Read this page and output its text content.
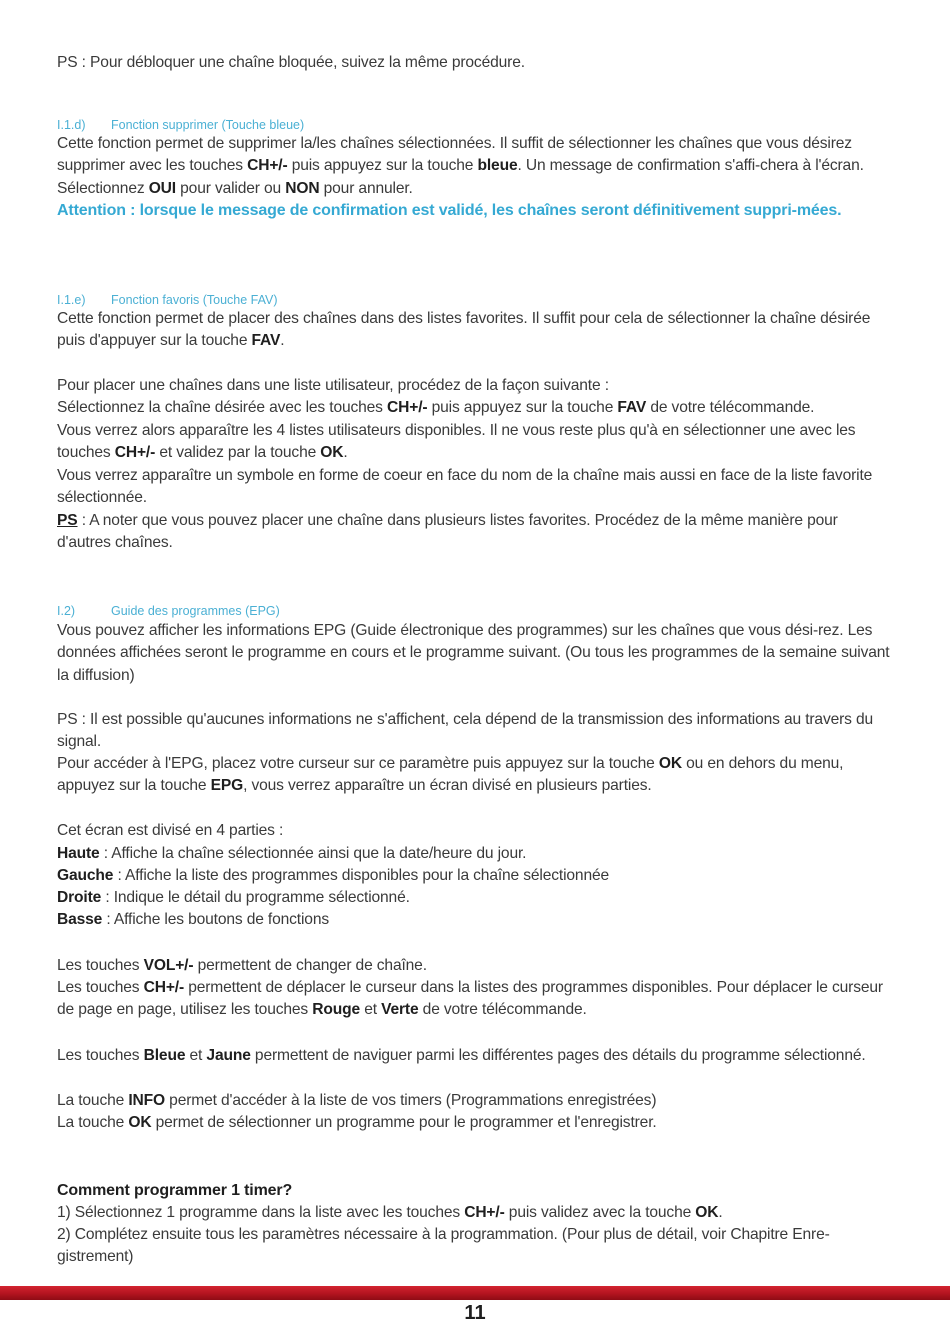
PS : Pour débloquer une chaîne bloquée, suivez la même procédure.

I.1.d) Fonction supprimer (Touche bleue)

Cette fonction permet de supprimer la/les chaînes sélectionnées. Il suffit de sélectionner les chaînes que vous désirez supprimer avec les touches CH+/- puis appuyez sur la touche bleue. Un message de confirmation s'affi-chera à l'écran. Sélectionnez OUI pour valider ou NON pour annuler.

Attention : lorsque le message de confirmation est validé, les chaînes seront définitivement suppri-mées.

I.1.e) Fonction favoris (Touche FAV)

Cette fonction permet de placer des chaînes dans des listes favorites. Il suffit pour cela de sélectionner la chaîne désirée puis d'appuyer sur la touche FAV.

Pour placer une chaînes dans une liste utilisateur, procédez de la façon suivante :

Sélectionnez la chaîne désirée avec les touches CH+/- puis appuyez sur la touche FAV de votre télécommande.

Vous verrez alors apparaître les 4 listes utilisateurs disponibles. Il ne vous reste plus qu'à en sélectionner une avec les touches CH+/- et validez par la touche OK.

Vous verrez apparaître un symbole en forme de coeur en face du nom de la chaîne mais aussi en face de la liste favorite sélectionnée.

PS : A noter que vous pouvez placer une chaîne dans plusieurs listes favorites. Procédez de la même manière pour d'autres chaînes.

I.2)	Guide des programmes (EPG)

Vous pouvez afficher les informations EPG (Guide électronique des programmes) sur les chaînes que vous dési-rez. Les données affichées seront le programme en cours et le programme suivant. (Ou tous les programmes de la semaine suivant la diffusion)

PS : Il est possible qu'aucunes informations ne s'affichent, cela dépend de la transmission des informations au travers du signal.

Pour accéder à l'EPG, placez votre curseur sur ce paramètre puis appuyez sur la touche OK ou en dehors du menu, appuyez sur la touche EPG, vous verrez apparaître un écran divisé en plusieurs parties.

Cet écran est divisé en 4 parties :

Haute : Affiche la chaîne sélectionnée ainsi que la date/heure du jour.

Gauche : Affiche la liste des programmes disponibles pour la chaîne sélectionnée

Droite : Indique le détail du programme sélectionné.

Basse : Affiche les boutons de fonctions

Les touches VOL+/- permettent de changer de chaîne.

Les touches CH+/- permettent de déplacer le curseur dans la listes des programmes disponibles. Pour déplacer le curseur de page en page, utilisez les touches Rouge et Verte de votre télécommande.

Les touches Bleue et Jaune permettent de naviguer parmi les différentes pages des détails du programme sélectionné.

La touche INFO permet d'accéder à la liste de vos timers (Programmations enregistrées)

La touche OK permet de sélectionner un programme pour le programmer et l'enregistrer.

Comment programmer 1 timer?

1) Sélectionnez 1 programme dans la liste avec les touches CH+/- puis validez avec la touche OK.

2) Complétez ensuite tous les paramètres nécessaire à la programmation. (Pour plus de détail, voir Chapitre Enre-gistrement)

11
